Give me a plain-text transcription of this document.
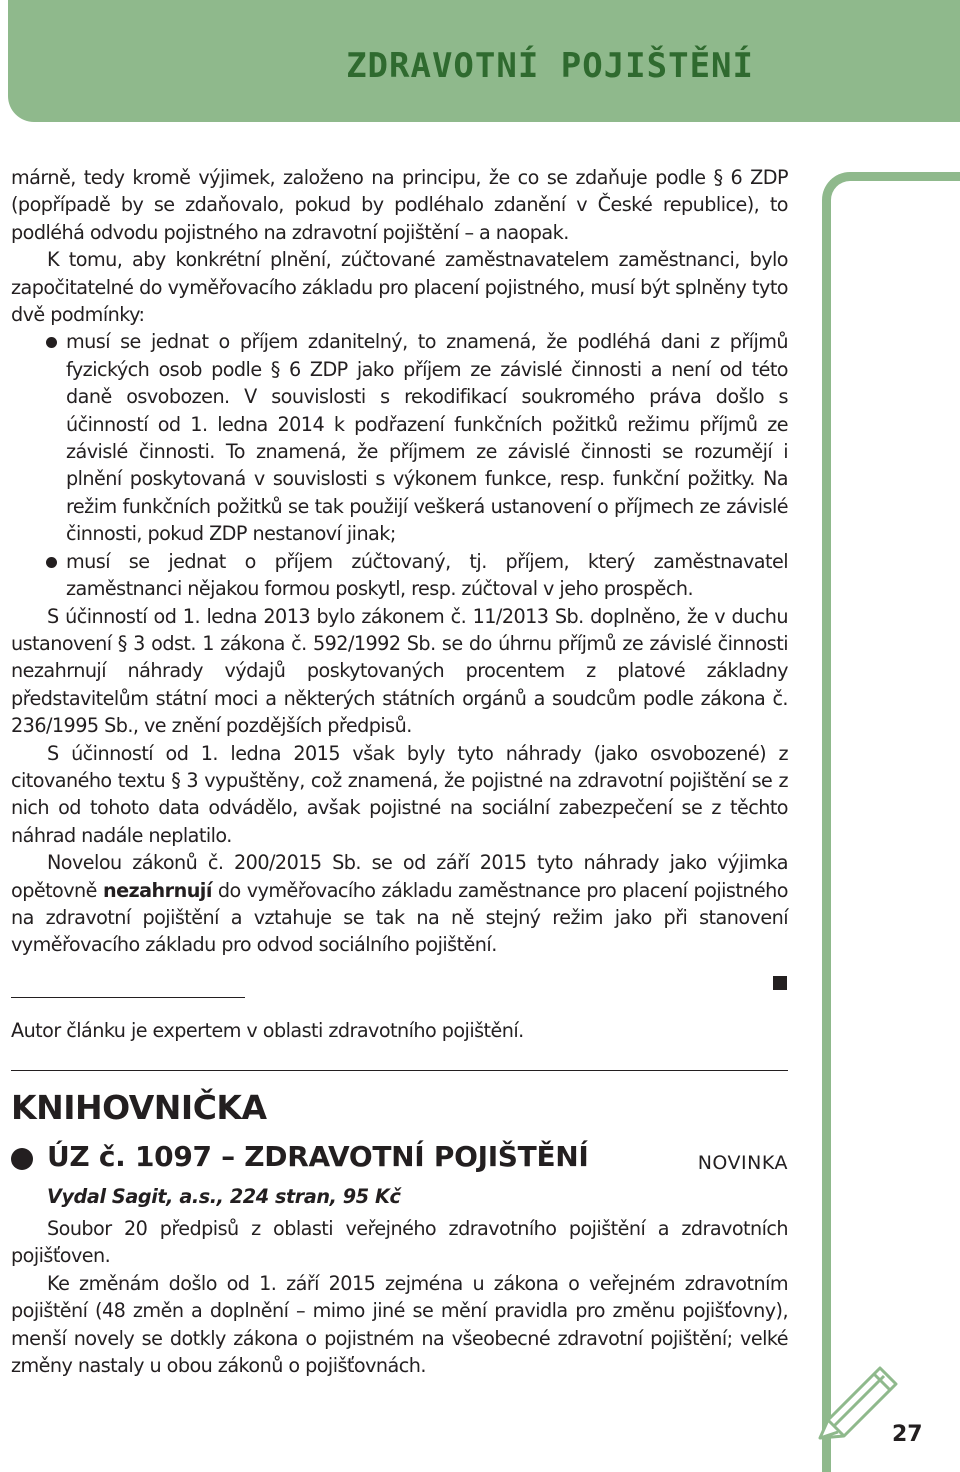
ZDRAVOTNÍ POJIŠTĚNÍ

márně, tedy kromě výjimek, založeno na principu, že co se zdaňuje podle § 6 ZDP (popřípadě by se zdaňovalo, pokud by podléhalo zdanění v České republice), to podléhá odvodu pojistného na zdravotní pojištění – a naopak.

K tomu, aby konkrétní plnění, zúčtované zaměstnavatelem zaměstnanci, bylo započitatelné do vyměřovacího základu pro placení pojistného, musí být splněny tyto dvě podmínky:

musí se jednat o příjem zdanitelný, to znamená, že podléhá dani z příjmů fyzických osob podle § 6 ZDP jako příjem ze závislé činnosti a není od této daně osvobozen. V souvislosti s rekodifikací soukromého práva došlo s účinností od 1. ledna 2014 k podřazení funkčních požitků režimu příjmů ze závislé činnosti. To znamená, že příjmem ze závislé činnosti se rozumějí i plnění poskytovaná v souvislosti s výkonem funkce, resp. funkční požitky. Na režim funkčních požitků se tak použijí veškerá ustanovení o příjmech ze závislé činnosti, pokud ZDP nestanoví jinak;
musí se jednat o příjem zúčtovaný, tj. příjem, který zaměstnavatel zaměstnanci nějakou formou poskytl, resp. zúčtoval v jeho prospěch.

S účinností od 1. ledna 2013 bylo zákonem č. 11/2013 Sb. doplněno, že v duchu ustanovení § 3 odst. 1 zákona č. 592/1992 Sb. se do úhrnu příjmů ze závislé činnosti nezahrnují náhrady výdajů poskytovaných procentem z platové základny představitelům státní moci a některých státních orgánů a soudcům podle zákona č. 236/1995 Sb., ve znění pozdějších předpisů.

S účinností od 1. ledna 2015 však byly tyto náhrady (jako osvobozené) z citovaného textu § 3 vypuštěny, což znamená, že pojistné na zdravotní pojištění se z nich od tohoto data odvádělo, avšak pojistné na sociální zabezpečení se z těchto náhrad nadále neplatilo.

Novelou zákonů č. 200/2015 Sb. se od září 2015 tyto náhrady jako výjimka opětovně nezahrnují do vyměřovacího základu zaměstnance pro placení pojistného na zdravotní pojištění a vztahuje se tak na ně stejný režim jako při stanovení vyměřovacího základu pro odvod sociálního pojištění.

Autor článku je expertem v oblasti zdravotního pojištění.
KNIHOVNIČKA
ÚZ č. 1097 – ZDRAVOTNÍ POJIŠTĚNÍ	NOVINKA
Vydal Sagit, a.s., 224 stran, 95 Kč

Soubor 20 předpisů z oblasti veřejného zdravotního pojištění a zdravotních pojišťoven.

Ke změnám došlo od 1. září 2015 zejména u zákona o veřejném zdravotním pojištění (48 změn a doplnění – mimo jiné se mění pravidla pro změnu pojišťovny), menší novely se dotkly zákona o pojistném na všeobecné zdravotní pojištění; velké změny nastaly u obou zákonů o pojišťovnách.

27
